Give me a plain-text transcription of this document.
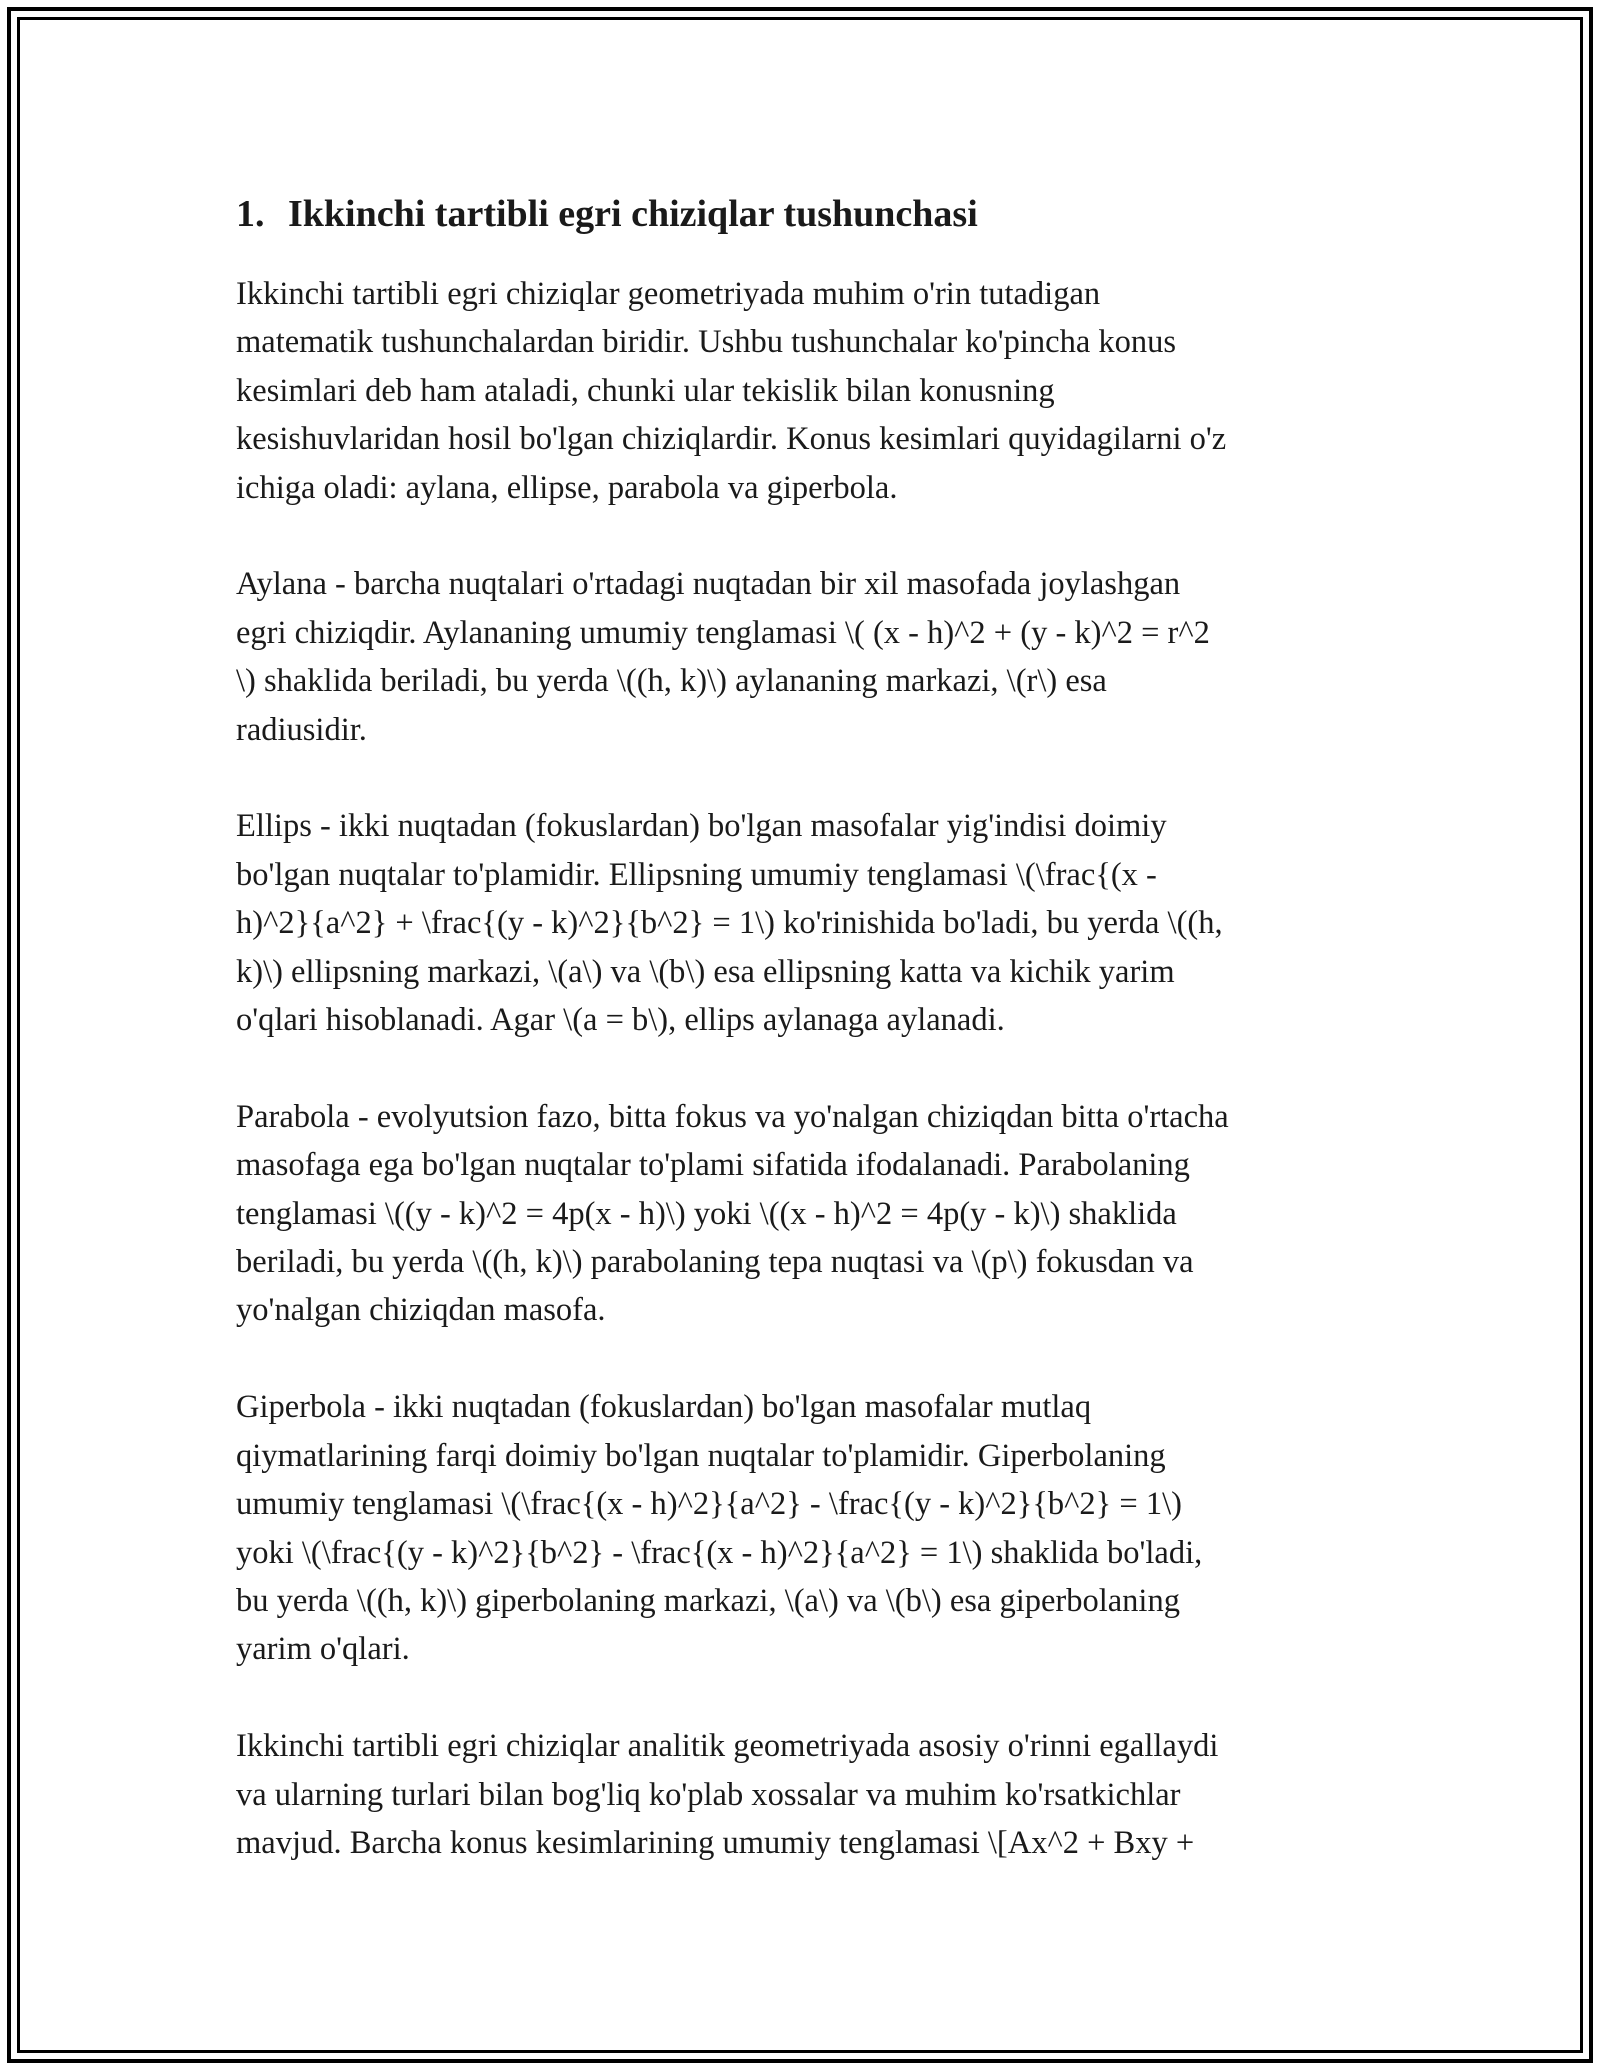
1. Ikkinchi tartibli egri chiziqlar tushunchasi

Ikkinchi tartibli egri chiziqlar geometriyada muhim o'rin tutadigan
matematik tushunchalardan biridir. Ushbu tushunchalar ko'pincha konus
kesimlari deb ham ataladi, chunki ular tekislik bilan konusning
kesishuvlaridan hosil bo'lgan chiziqlardir. Konus kesimlari quyidagilarni o'z
ichiga oladi: aylana, ellipse, parabola va giperbola.

Aylana - barcha nuqtalari o'rtadagi nuqtadan bir xil masofada joylashgan
egri chiziqdir. Aylananing umumiy tenglamasi \( (x - h)^2 + (y - k)^2 = r^2
\) shaklida beriladi, bu yerda \((h, k)\) aylananing markazi, \(r\) esa
radiusidir.

Ellips - ikki nuqtadan (fokuslardan) bo'lgan masofalar yig'indisi doimiy
bo'lgan nuqtalar to'plamidir. Ellipsning umumiy tenglamasi \(\frac{(x -
h)^2}{a^2} + \frac{(y - k)^2}{b^2} = 1\) ko'rinishida bo'ladi, bu yerda \((h,
k)\) ellipsning markazi, \(a\) va \(b\) esa ellipsning katta va kichik yarim
o'qlari hisoblanadi. Agar \(a = b\), ellips aylanaga aylanadi.

Parabola - evolyutsion fazo, bitta fokus va yo'nalgan chiziqdan bitta o'rtacha
masofaga ega bo'lgan nuqtalar to'plami sifatida ifodalanadi. Parabolaning
tenglamasi \((y - k)^2 = 4p(x - h)\) yoki \((x - h)^2 = 4p(y - k)\) shaklida
beriladi, bu yerda \((h, k)\) parabolaning tepa nuqtasi va \(p\) fokusdan va
yo'nalgan chiziqdan masofa.

Giperbola - ikki nuqtadan (fokuslardan) bo'lgan masofalar mutlaq
qiymatlarining farqi doimiy bo'lgan nuqtalar to'plamidir. Giperbolaning
umumiy tenglamasi \(\frac{(x - h)^2}{a^2} - \frac{(y - k)^2}{b^2} = 1\)
yoki \(\frac{(y - k)^2}{b^2} - \frac{(x - h)^2}{a^2} = 1\) shaklida bo'ladi,
bu yerda \((h, k)\) giperbolaning markazi, \(a\) va \(b\) esa giperbolaning
yarim o'qlari.

Ikkinchi tartibli egri chiziqlar analitik geometriyada asosiy o'rinni egallaydi
va ularning turlari bilan bog'liq ko'plab xossalar va muhim ko'rsatkichlar
mavjud. Barcha konus kesimlarining umumiy tenglamasi \[Ax^2 + Bxy +
